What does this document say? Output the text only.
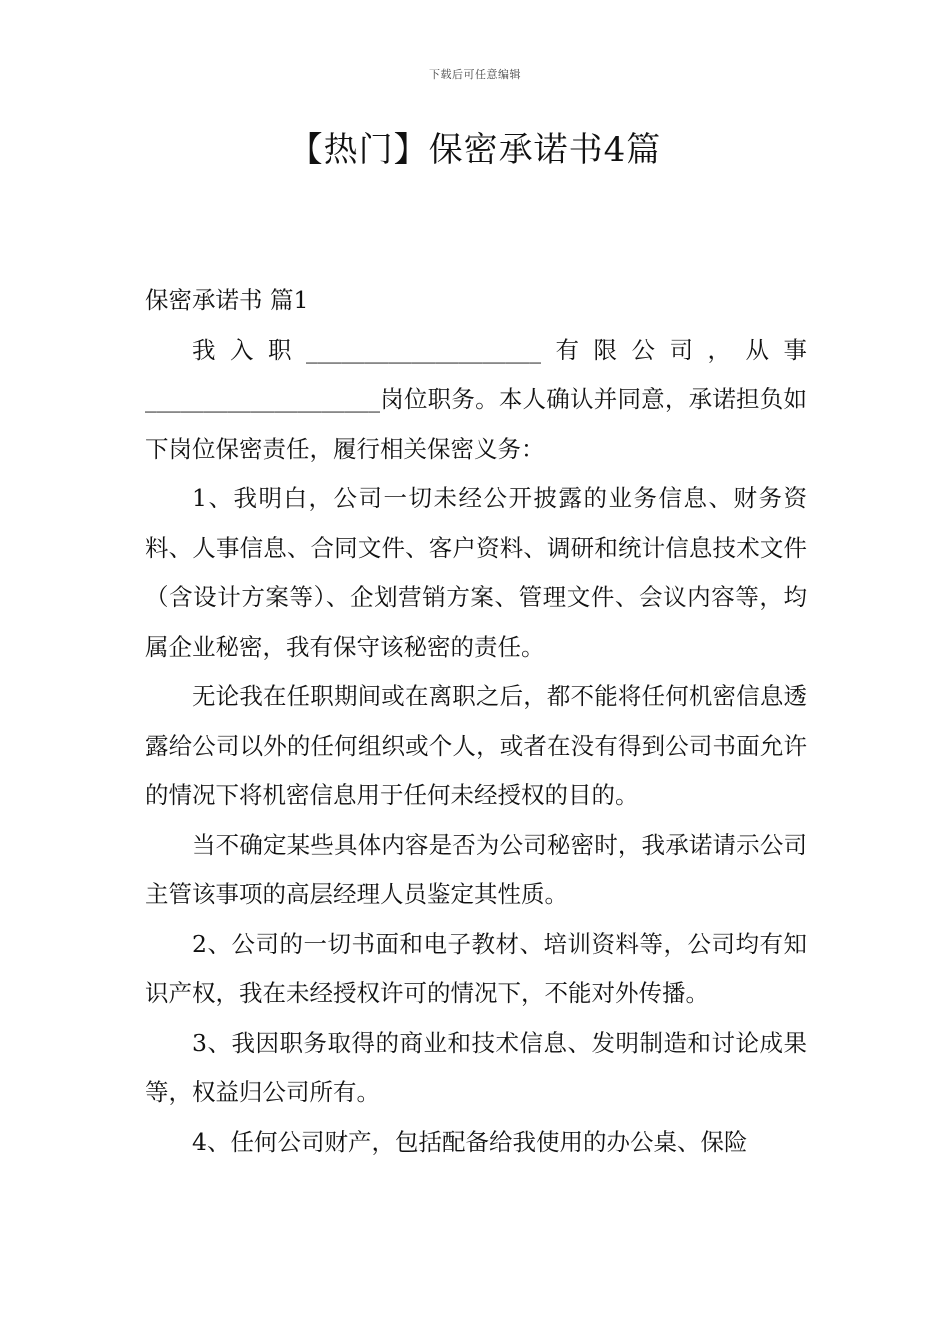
下载后可任意编辑
【热门】保密承诺书4篇

保密承诺书 篇1

我入职____________________有限公司，从事____________________岗位职务。本人确认并同意，承诺担负如下岗位保密责任，履行相关保密义务：

1、我明白，公司一切未经公开披露的业务信息、财务资料、人事信息、合同文件、客户资料、调研和统计信息技术文件（含设计方案等）、企划营销方案、管理文件、会议内容等，均属企业秘密，我有保守该秘密的责任。

无论我在任职期间或在离职之后，都不能将任何机密信息透露给公司以外的任何组织或个人，或者在没有得到公司书面允许的情况下将机密信息用于任何未经授权的目的。

当不确定某些具体内容是否为公司秘密时，我承诺请示公司主管该事项的高层经理人员鉴定其性质。

2、公司的一切书面和电子教材、培训资料等，公司均有知识产权，我在未经授权许可的情况下，不能对外传播。

3、我因职务取得的商业和技术信息、发明制造和讨论成果等，权益归公司所有。

4、任何公司财产，包括配备给我使用的办公桌、保险
